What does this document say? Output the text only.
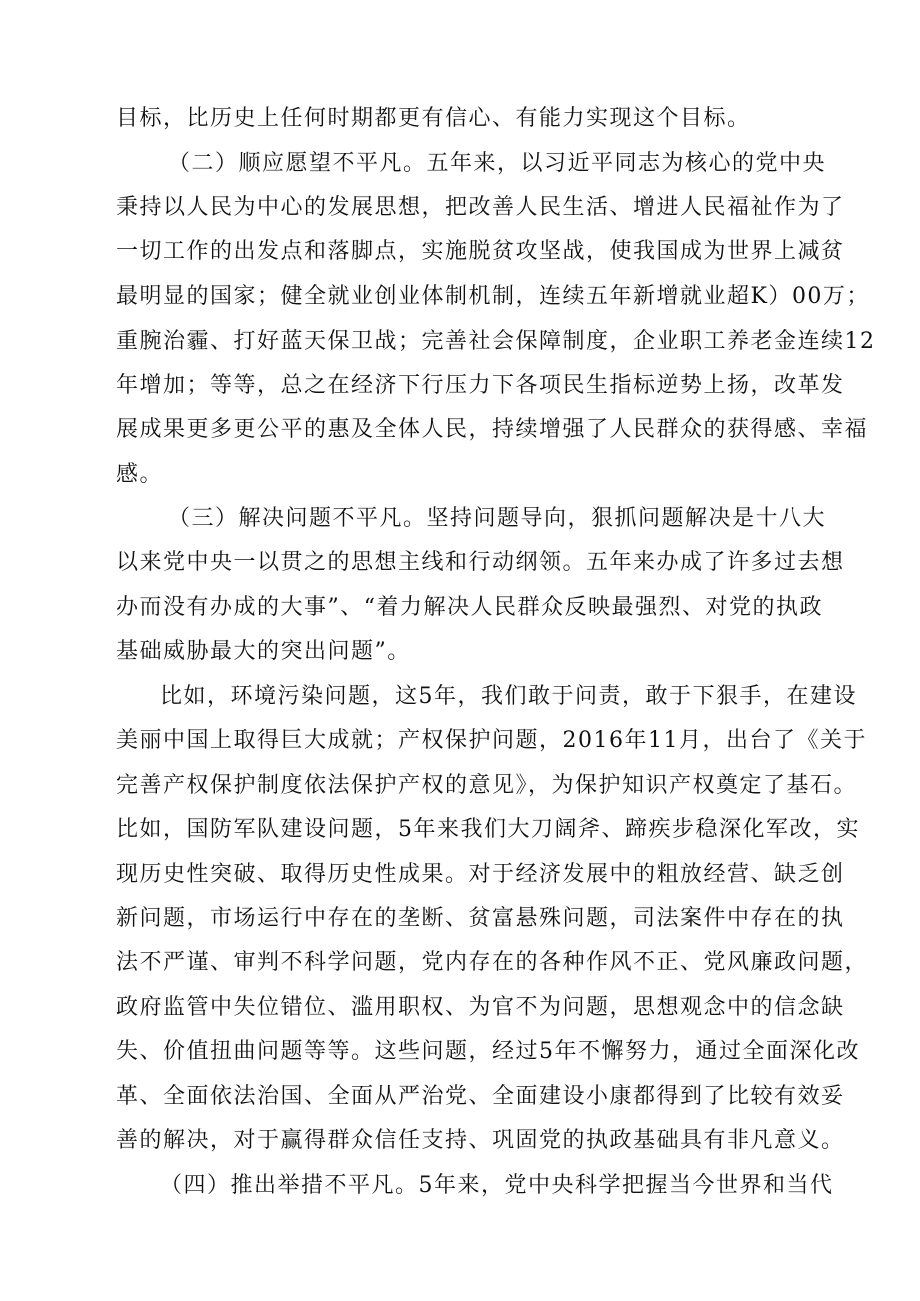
目标，比历史上任何时期都更有信心、有能力实现这个目标。
（二）顺应愿望不平凡。五年来，以习近平同志为核心的党中央
秉持以人民为中心的发展思想，把改善人民生活、增进人民福祉作为了
一切工作的出发点和落脚点，实施脱贫攻坚战，使我国成为世界上减贫
最明显的国家；健全就业创业体制机制，连续五年新增就业超K）00万；
重腕治霾、打好蓝天保卫战；完善社会保障制度，企业职工养老金连续12
年增加；等等，总之在经济下行压力下各项民生指标逆势上扬，改革发
展成果更多更公平的惠及全体人民，持续增强了人民群众的获得感、幸福
感。
（三）解决问题不平凡。坚持问题导向，狠抓问题解决是十八大
以来党中央一以贯之的思想主线和行动纲领。五年来办成了许多过去想
办而没有办成的大事”、“着力解决人民群众反映最强烈、对党的执政
基础威胁最大的突出问题”。
比如，环境污染问题，这5年，我们敢于问责，敢于下狠手，在建设
美丽中国上取得巨大成就；产权保护问题，2016年11月，出台了《关于
完善产权保护制度依法保护产权的意见》，为保护知识产权奠定了基石。
比如，国防军队建设问题，5年来我们大刀阔斧、蹄疾步稳深化军改，实
现历史性突破、取得历史性成果。对于经济发展中的粗放经营、缺乏创
新问题，市场运行中存在的垄断、贫富悬殊问题，司法案件中存在的执
法不严谨、审判不科学问题，党内存在的各种作风不正、党风廉政问题，
政府监管中失位错位、滥用职权、为官不为问题，思想观念中的信念缺
失、价值扭曲问题等等。这些问题，经过5年不懈努力，通过全面深化改
革、全面依法治国、全面从严治党、全面建设小康都得到了比较有效妥
善的解决，对于赢得群众信任支持、巩固党的执政基础具有非凡意义。
（四）推出举措不平凡。5年来，党中央科学把握当今世界和当代
